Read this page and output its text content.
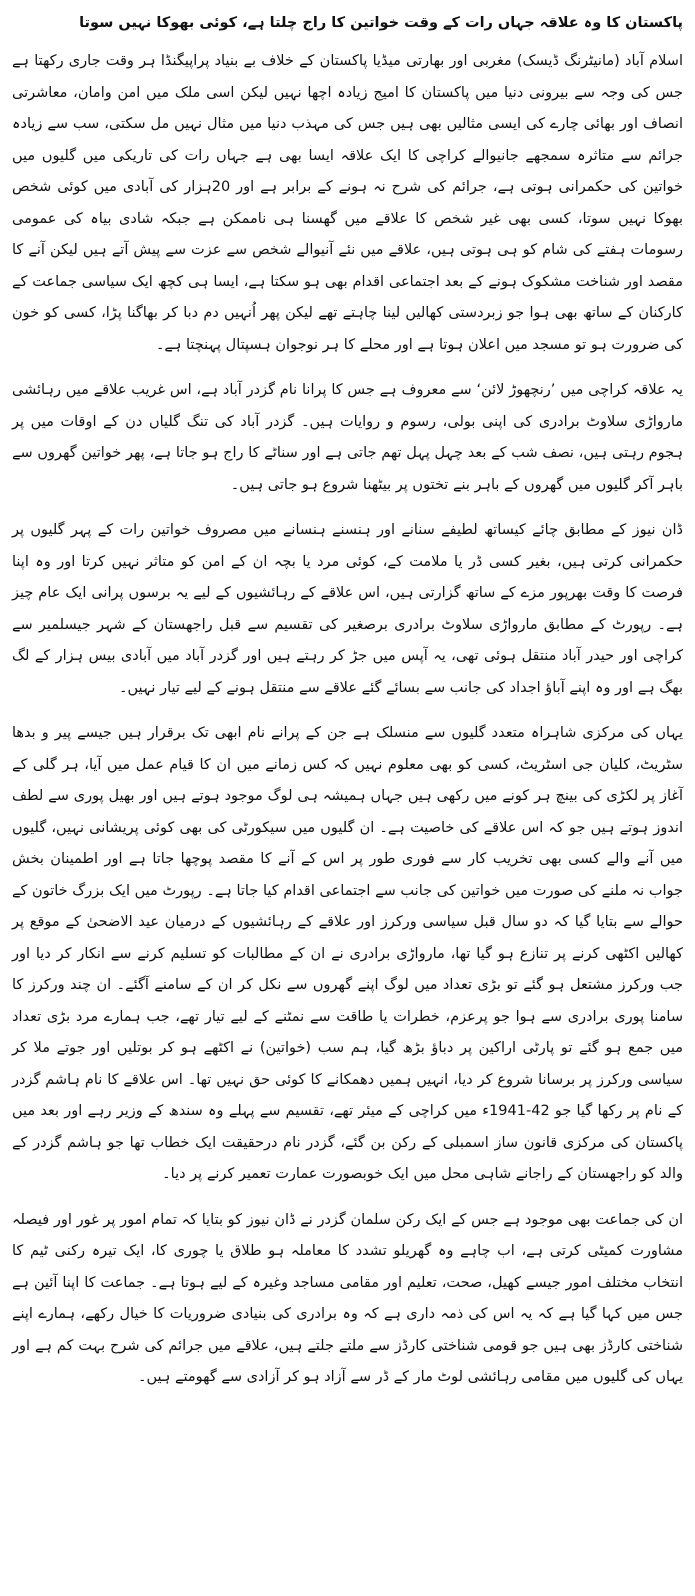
پاکستان کا وہ علاقہ جہاں رات کے وقت خواتین کا راج چلتا ہے، کوئی بھوکا نہیں سوتا

اسلام آباد (مانیٹرنگ ڈیسک) مغربی اور بھارتی میڈیا پاکستان کے خلاف بے بنیاد پراپیگنڈا ہر وقت جاری رکھتا ہے جس کی وجہ سے بیرونی دنیا میں پاکستان کا امیج زیادہ اچھا نہیں لیکن اسی ملک میں امن وامان، معاشرتی انصاف اور بھائی چارے کی ایسی مثالیں بھی ہیں جس کی مہذب دنیا میں مثال نہیں مل سکتی، سب سے زیادہ جرائم سے متاثرہ سمجھے جانیوالے کراچی کا ایک علاقہ ایسا بھی ہے جہاں رات کی تاریکی میں گلیوں میں خواتین کی حکمرانی ہوتی ہے، جرائم کی شرح نہ ہونے کے برابر ہے اور 20ہزار کی آبادی میں کوئی شخص بھوکا نہیں سوتا، کسی بھی غیر شخص کا علاقے میں گھسنا ہی ناممکن ہے جبکہ شادی بیاہ کی عمومی رسومات ہفتے کی شام کو ہی ہوتی ہیں، علاقے میں نئے آنیوالے شخص سے عزت سے پیش آتے ہیں لیکن آنے کا مقصد اور شناخت مشکوک ہونے کے بعد اجتماعی اقدام بھی ہو سکتا ہے، ایسا ہی کچھ ایک سیاسی جماعت کے کارکنان کے ساتھ بھی ہوا جو زبردستی کھالیں لینا چاہتے تھے لیکن پھر اُنہیں دم دبا کر بھاگنا پڑا، کسی کو خون کی ضرورت ہو تو مسجد میں اعلان ہوتا ہے اور محلے کا ہر نوجوان ہسپتال پہنچتا ہے۔

یہ علاقہ کراچی میں ’رنچھوڑ لائن‘ سے معروف ہے جس کا پرانا نام گزدر آباد ہے، اس غریب علاقے میں رہائشی مارواڑی سلاوٹ برادری کی اپنی بولی، رسوم و روایات ہیں۔ گزدر آباد کی تنگ گلیاں دن کے اوقات میں پر ہجوم رہتی ہیں، نصف شب کے بعد چہل پہل تھم جاتی ہے اور سناٹے کا راج ہو جاتا ہے، پھر خواتین گھروں سے باہر آکر گلیوں میں گھروں کے باہر بنے تختوں پر بیٹھنا شروع ہو جاتی ہیں۔

ڈان نیوز کے مطابق چائے کیساتھ لطیفے سنانے اور ہنسنے ہنسانے میں مصروف خواتین رات کے پہر گلیوں پر حکمرانی کرتی ہیں، بغیر کسی ڈر یا ملامت کے، کوئی مرد یا بچہ ان کے امن کو متاثر نہیں کرتا اور وہ اپنا فرصت کا وقت بھرپور مزے کے ساتھ گزارتی ہیں، اس علاقے کے رہائشیوں کے لیے یہ برسوں پرانی ایک عام چیز ہے۔ رپورٹ کے مطابق مارواڑی سلاوٹ برادری برصغیر کی تقسیم سے قبل راجھستان کے شہر جیسلمیر سے کراچی اور حیدر آباد منتقل ہوئی تھی، یہ آپس میں جڑ کر رہتے ہیں اور گزدر آباد میں آبادی بیس ہزار کے لگ بھگ ہے اور وہ اپنے آباؤ اجداد کی جانب سے بسائے گئے علاقے سے منتقل ہونے کے لیے تیار نہیں۔

یہاں کی مرکزی شاہراہ متعدد گلیوں سے منسلک ہے جن کے پرانے نام ابھی تک برقرار ہیں جیسے پیر و بدھا سٹریٹ، کلیان جی اسٹریٹ، کسی کو بھی معلوم نہیں کہ کس زمانے میں ان کا قیام عمل میں آیا، ہر گلی کے آغاز پر لکڑی کی بینچ ہر کونے میں رکھی ہیں جہاں ہمیشہ ہی لوگ موجود ہوتے ہیں اور بھیل پوری سے لطف اندوز ہوتے ہیں جو کہ اس علاقے کی خاصیت ہے۔ ان گلیوں میں سیکورٹی کی بھی کوئی پریشانی نہیں، گلیوں میں آنے والے کسی بھی تخریب کار سے فوری طور پر اس کے آنے کا مقصد پوچھا جاتا ہے اور اطمینان بخش جواب نہ ملنے کی صورت میں خواتین کی جانب سے اجتماعی اقدام کیا جاتا ہے۔ رپورٹ میں ایک بزرگ خاتون کے حوالے سے بتایا گیا کہ دو سال قبل سیاسی ورکرز اور علاقے کے رہائشیوں کے درمیان عید الاضحیٰ کے موقع پر کھالیں اکٹھی کرنے پر تنازع ہو گیا تھا، مارواڑی برادری نے ان کے مطالبات کو تسلیم کرنے سے انکار کر دیا اور جب ورکرز مشتعل ہو گئے تو بڑی تعداد میں لوگ اپنے گھروں سے نکل کر ان کے سامنے آگئے۔ ان چند ورکرز کا سامنا پوری برادری سے ہوا جو پرعزم، خطرات یا طاقت سے نمٹنے کے لیے تیار تھے، جب ہمارے مرد بڑی تعداد میں جمع ہو گئے تو پارٹی اراکین پر دباؤ بڑھ گیا، ہم سب (خواتین) نے اکٹھے ہو کر بوتلیں اور جوتے ملا کر سیاسی ورکرز پر برسانا شروع کر دیا، انہیں ہمیں دھمکانے کا کوئی حق نہیں تھا۔ اس علاقے کا نام ہاشم گزدر کے نام پر رکھا گیا جو 42-1941ء میں کراچی کے میئر تھے، تقسیم سے پہلے وہ سندھ کے وزیر رہے اور بعد میں پاکستان کی مرکزی قانون ساز اسمبلی کے رکن بن گئے، گزدر نام درحقیقت ایک خطاب تھا جو ہاشم گزدر کے والد کو راجھستان کے راجانے شاہی محل میں ایک خوبصورت عمارت تعمیر کرنے پر دیا۔

ان کی جماعت بھی موجود ہے جس کے ایک رکن سلمان گزدر نے ڈان نیوز کو بتایا کہ تمام امور پر غور اور فیصلہ مشاورت کمیٹی کرتی ہے، اب چاہے وہ گھریلو تشدد کا معاملہ ہو طلاق یا چوری کا، ایک تیرہ رکنی ٹیم کا انتخاب مختلف امور جیسے کھیل، صحت، تعلیم اور مقامی مساجد وغیرہ کے لیے ہوتا ہے۔ جماعت کا اپنا آئین ہے جس میں کہا گیا ہے کہ یہ اس کی ذمہ داری ہے کہ وہ برادری کی بنیادی ضروریات کا خیال رکھے، ہمارے اپنے شناختی کارڈز بھی ہیں جو قومی شناختی کارڈز سے ملتے جلتے ہیں، علاقے میں جرائم کی شرح بہت کم ہے اور یہاں کی گلیوں میں مقامی رہائشی لوٹ مار کے ڈر سے آزاد ہو کر آزادی سے گھومتے ہیں۔
